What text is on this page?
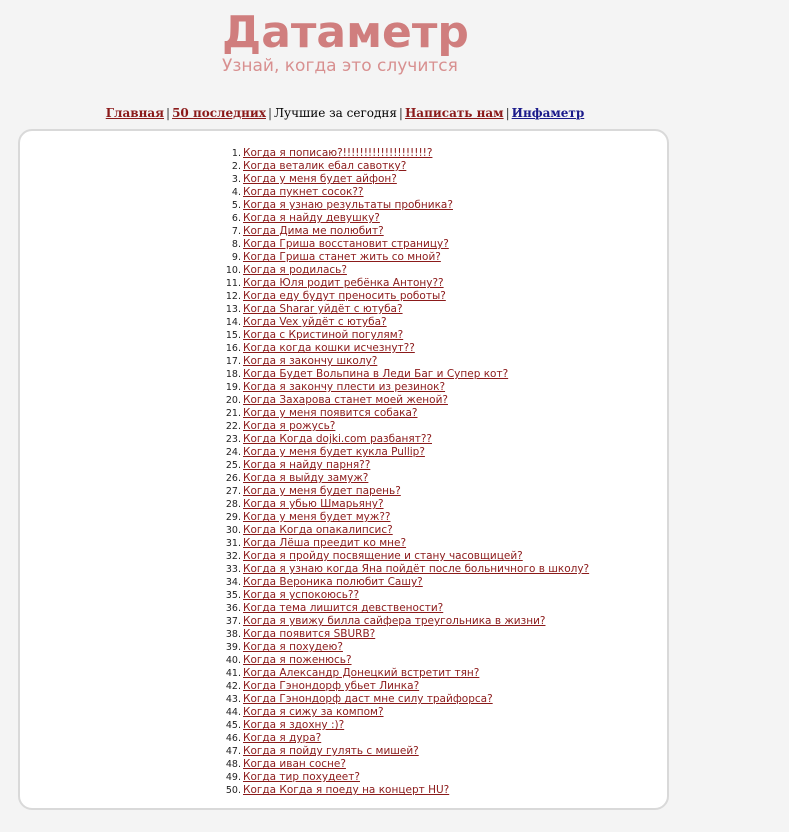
Датаметр
Узнай, когда это случится
Главная | 50 последних | Лучшие за сегодня | Написать нам | Инфаметр
1. Когда я пописаю?!!!!!!!!!!!!!!!!!!!!?
2. Когда веталик ебал савотку?
3. Когда у меня будет айфон?
4. Когда пукнет сосок??
5. Когда я узнаю результаты пробника?
6. Когда я найду девушку?
7. Когда Дима ме полюбит?
8. Когда Гриша восстановит страницу?
9. Когда Гриша станет жить со мной?
10. Когда я родилась?
11. Когда Юля родит ребёнка Антону??
12. Когда еду будут преносить роботы?
13. Когда Sharar уйдёт с ютуба?
14. Когда Vex уйдёт с ютуба?
15. Когда с Кристиной погулям?
16. Когда когда кошки исчезнут??
17. Когда я закончу школу?
18. Когда Будет Вольпина в Леди Баг и Супер кот?
19. Когда я закончу плести из резинок?
20. Когда Захарова станет моей женой?
21. Когда у меня появится собака?
22. Когда я рожусь?
23. Когда Когда dojki.com разбанят??
24. Когда у меня будет кукла Pullip?
25. Когда я найду парня??
26. Когда я выйду замуж?
27. Когда у меня будет парень?
28. Когда я убью Шмарьяну?
29. Когда у меня будет муж??
30. Когда Когда опакалипсис?
31. Когда Лёша преедит ко мне?
32. Когда я пройду посвящение и стану часовщицей?
33. Когда я узнаю когда Яна пойдёт после больничного в школу?
34. Когда Вероника полюбит Сашу?
35. Когда я успокоюсь??
36. Когда тема лишится девствености?
37. Когда я увижу билла сайфера треугольника в жизни?
38. Когда появится SBURB?
39. Когда я похудею?
40. Когда я поженюсь?
41. Когда Александр Донецкий встретит тян?
42. Когда Гэнондорф убьет Линка?
43. Когда Гэнондорф даст мне силу трайфорса?
44. Когда я сижу за компом?
45. Когда я здохну :)?
46. Когда я дура?
47. Когда я пойду гулять с мишей?
48. Когда иван сосне?
49. Когда тир похудеет?
50. Когда Когда я поеду на концерт HU?
